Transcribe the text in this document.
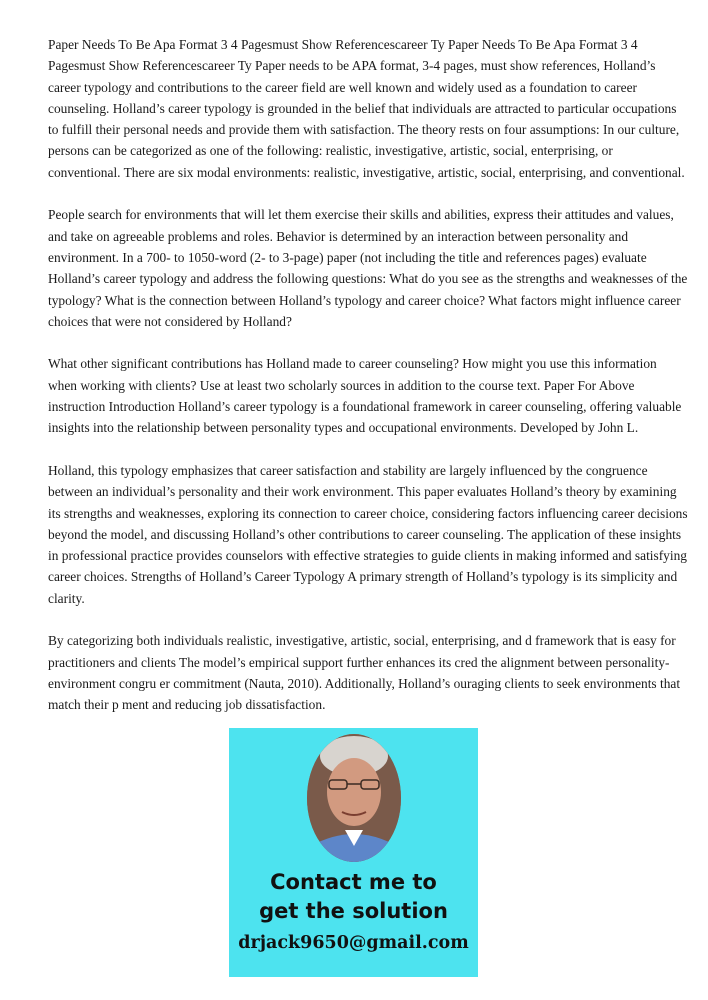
Paper Needs To Be Apa Format 3 4 Pagesmust Show Referencescareer Ty Paper Needs To Be Apa Format 3 4 Pagesmust Show Referencescareer Ty Paper needs to be APA format, 3-4 pages, must show references, Holland’s career typology and contributions to the career field are well known and widely used as a foundation to career counseling. Holland’s career typology is grounded in the belief that individuals are attracted to particular occupations to fulfill their personal needs and provide them with satisfaction. The theory rests on four assumptions: In our culture, persons can be categorized as one of the following: realistic, investigative, artistic, social, enterprising, or conventional. There are six modal environments: realistic, investigative, artistic, social, enterprising, and conventional.

People search for environments that will let them exercise their skills and abilities, express their attitudes and values, and take on agreeable problems and roles. Behavior is determined by an interaction between personality and environment. In a 700- to 1050-word (2- to 3-page) paper (not including the title and references pages) evaluate Holland’s career typology and address the following questions: What do you see as the strengths and weaknesses of the typology? What is the connection between Holland’s typology and career choice? What factors might influence career choices that were not considered by Holland?

What other significant contributions has Holland made to career counseling? How might you use this information when working with clients? Use at least two scholarly sources in addition to the course text. Paper For Above instruction Introduction Holland’s career typology is a foundational framework in career counseling, offering valuable insights into the relationship between personality types and occupational environments. Developed by John L.

Holland, this typology emphasizes that career satisfaction and stability are largely influenced by the congruence between an individual’s personality and their work environment. This paper evaluates Holland’s theory by examining its strengths and weaknesses, exploring its connection to career choice, considering factors influencing career decisions beyond the model, and discussing Holland’s other contributions to career counseling. The application of these insights in professional practice provides counselors with effective strategies to guide clients in making informed and satisfying career choices. Strengths of Holland’s Career Typology A primary strength of Holland’s typology is its simplicity and clarity.

By categorizing both individuals realistic, investigative, artistic, social, enterprising, and d framework that is easy for practitioners and clients The model’s empirical support further enhances its cred the alignment between personality-environment congru er commitment (Nauta, 2010). Additionally, Holland’s ouraging clients to seek environments that match their p ment and reducing job dissatisfaction.

Contact me to
get the solution
drjack9650@gmail.com
